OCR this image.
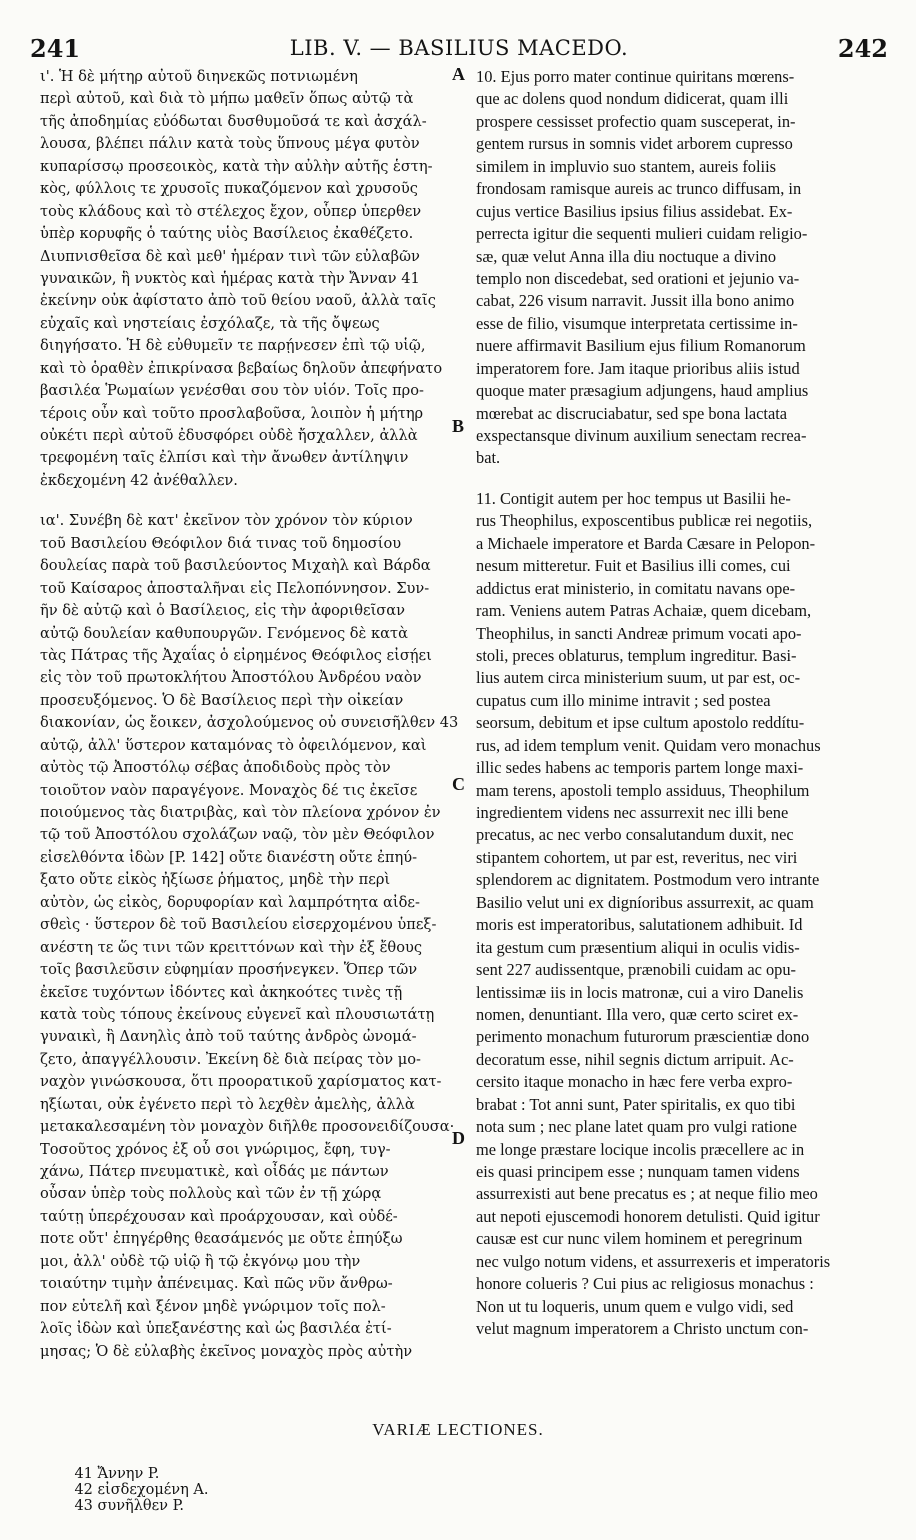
241	LIB. V. — BASILIUS MACEDO.	242
ι'. Ἡ δὲ μήτηρ αὐτοῦ διηνεκῶς ποτνιωμένη
περὶ αὐτοῦ, καὶ διὰ τὸ μήπω μαθεῖν ὅπως αὐτῷ τὰ
τῆς ἀποδημίας εὐόδωται δυσθυμοῦσά τε καὶ ἀσχάλ-
λουσα, βλέπει πάλιν κατὰ τοὺς ὕπνους μέγα φυτὸν
κυπαρίσσῳ προσεοικὸς, κατὰ τὴν αὐλὴν αὐτῆς ἑστη-
κὸς, φύλλοις τε χρυσοῖς πυκαζόμενον καὶ χρυσοῦς
τοὺς κλάδους καὶ τὸ στέλεχος ἔχον, οὗπερ ὑπερθεν
ὑπὲρ κορυφῆς ὁ ταύτης υἱὸς Βασίλειος ἐκαθέζετο.
Διυπνισθεῖσα δὲ καὶ μεθ' ἡμέραν τινὶ τῶν εὐλαβῶν
γυναικῶν, ἣ νυκτὸς καὶ ἡμέρας κατὰ τὴν Ἄνναν 41
ἐκείνην οὐκ ἀφίστατο ἀπὸ τοῦ θείου ναοῦ, ἀλλὰ ταῖς
εὐχαῖς καὶ νηστείαις ἐσχόλαζε, τὰ τῆς ὄψεως
διηγήσατο. Ἡ δὲ εὐθυμεῖν τε παρῄνεσεν ἐπὶ τῷ υἱῷ,
καὶ τὸ ὁραθὲν ἐπικρίνασα βεβαίως δηλοῦν ἀπεφήνατο
βασιλέα Ῥωμαίων γενέσθαι σου τὸν υἱόν. Τοῖς προ-
τέροις οὖν καὶ τοῦτο προσλαβοῦσα, λοιπὸν ἡ μήτηρ
οὐκέτι περὶ αὐτοῦ ἐδυσφόρει οὐδὲ ἤσχαλλεν, ἀλλὰ
τρεφομένη ταῖς ἐλπίσι καὶ τὴν ἄνωθεν ἀντίληψιν
ἐκδεχομένη 42 ἀνέθαλλεν.
ια'. Συνέβη δὲ κατ' ἐκεῖνον τὸν χρόνον τὸν κύριον
τοῦ Βασιλείου Θεόφιλον διά τινας τοῦ δημοσίου
δουλείας παρὰ τοῦ βασιλεύοντος Μιχαὴλ καὶ Βάρδα
τοῦ Καίσαρος ἀποσταλῆναι εἰς Πελοπόννησον. Συν-
ῆν δὲ αὐτῷ καὶ ὁ Βασίλειος, εἰς τὴν ἀφοριθεῖσαν
αὐτῷ δουλείαν καθυπουργῶν. Γενόμενος δὲ κατὰ
τὰς Πάτρας τῆς Ἀχαΐας ὁ εἰρημένος Θεόφιλος εἰσῄει
εἰς τὸν τοῦ πρωτοκλήτου Ἀποστόλου Ἀνδρέου ναὸν
προσευξόμενος. Ὁ δὲ Βασίλειος περὶ τὴν οἰκείαν
διακονίαν, ὡς ἔοικεν, ἀσχολούμενος οὐ συνεισῆλθεν 43
αὐτῷ, ἀλλ' ὕστερον καταμόνας τὸ ὀφειλόμενον, καὶ
αὐτὸς τῷ Ἀποστόλῳ σέβας ἀποδιδοὺς πρὸς τὸν
τοιοῦτον ναὸν παραγέγονε. Μοναχὸς δέ τις ἐκεῖσε
ποιούμενος τὰς διατριβὰς, καὶ τὸν πλείονα χρόνον ἐν
τῷ τοῦ Ἀποστόλου σχολάζων ναῷ, τὸν μὲν Θεόφιλον
εἰσελθόντα ἰδὼν [P. 142] οὔτε διανέστη οὔτε ἐπηύ-
ξατο οὔτε εἰκὸς ἠξίωσε ῥήματος, μηδὲ τὴν περὶ
αὐτὸν, ὡς εἰκὸς, δορυφορίαν καὶ λαμπρότητα αἰδε-
σθεὶς · ὕστερον δὲ τοῦ Βασιλείου εἰσερχομένου ὑπεξ-
ανέστη τε ὥς τινι τῶν κρειττόνων καὶ τὴν ἐξ ἔθους
τοῖς βασιλεῦσιν εὐφημίαν προσήνεγκεν. Ὅπερ τῶν
ἐκεῖσε τυχόντων ἰδόντες καὶ ἀκηκοότες τινὲς τῇ
κατὰ τοὺς τόπους ἐκείνους εὐγενεῖ καὶ πλουσιωτάτῃ
γυναικὶ, ἣ Δανηλὶς ἀπὸ τοῦ ταύτης ἀνδρὸς ὠνομά-
ζετο, ἀπαγγέλλουσιν. Ἐκείνη δὲ διὰ πείρας τὸν μο-
ναχὸν γινώσκουσα, ὅτι προορατικοῦ χαρίσματος κατ-
ηξίωται, οὐκ ἐγένετο περὶ τὸ λεχθὲν ἀμελὴς, ἀλλὰ
μετακαλεσαμένη τὸν μοναχὸν διῆλθε προσονειδίζουσα·
Τοσοῦτος χρόνος ἐξ οὗ σοι γνώριμος, ἔφη, τυγ-
χάνω, Πάτερ πνευματικὲ, καὶ οἶδάς με πάντων
οὖσαν ὑπὲρ τοὺς πολλοὺς καὶ τῶν ἐν τῇ χώρᾳ
ταύτῃ ὑπερέχουσαν καὶ προάρχουσαν, καὶ οὐδέ-
ποτε οὔτ' ἐπηγέρθης θεασάμενός με οὔτε ἐπηύξω
μοι, ἀλλ' οὐδὲ τῷ υἱῷ ἢ τῷ ἐκγόνῳ μου τὴν
τοιαύτην τιμὴν ἀπένειμας. Καὶ πῶς νῦν ἄνθρω-
πον εὐτελῆ καὶ ξένον μηδὲ γνώριμον τοῖς πολ-
λοῖς ἰδὼν καὶ ὑπεξανέστης καὶ ὡς βασιλέα ἐτί-
μησας; Ὁ δὲ εὐλαβὴς ἐκεῖνος μοναχὸς πρὸς αὐτὴν
10. Ejus porro mater continue quiritans mœrens-
que ac dolens quod nondum didicerat, quam illi
prospere cessisset profectio quam susceperat, in-
gentem rursus in somnis videt arborem cupresso
similem in impluvio suo stantem, aureis foliis
frondosam ramisque aureis ac trunco diffusam, in
cujus vertice Basilius ipsius filius assidebat. Ex-
perrecta igitur die sequenti mulieri cuidam religio-
sæ, quæ velut Anna illa diu noctuque a divino
templo non discedebat, sed orationi et jejunio va-
cabat, 226 visum narravit. Jussit illa bono animo
esse de filio, visumque interpretata certissime in-
nuere affirmavit Basilium ejus filium Romanorum
imperatorem fore. Jam itaque prioribus aliis istud
quoque mater præsagium adjungens, haud amplius
mœrebat ac discruciabatur, sed spe bona lactata
exspectansque divinum auxilium senectam recrea-
bat.
11. Contigit autem per hoc tempus ut Basilii he-
rus Theophilus, exposcentibus publicæ rei negotiis,
a Michaele imperatore et Barda Cæsare in Pelopon-
nesum mitteretur. Fuit et Basilius illi comes, cui
addictus erat ministerio, in comitatu navans ope-
ram. Veniens autem Patras Achaiæ, quem dicebam,
Theophilus, in sancti Andreæ primum vocati apo-
stoli, preces oblaturus, templum ingreditur. Basi-
lius autem circa ministerium suum, ut par est, oc-
cupatus cum illo minime intravit ; sed postea
seorsum, debitum et ipse cultum apostolo reddítu-
rus, ad idem templum venit. Quidam vero monachus
illic sedes habens ac temporis partem longe maxi-
mam terens, apostoli templo assiduus, Theophilum
ingredientem videns nec assurrexit nec illi bene
precatus, ac nec verbo consalutandum duxit, nec
stipantem cohortem, ut par est, reveritus, nec viri
splendorem ac dignitatem. Postmodum vero intrante
Basilio velut uni ex digníoribus assurrexit, ac quam
moris est imperatoribus, salutationem adhibuit. Id
ita gestum cum præsentium aliqui in oculis vidis-
sent 227 audissentque, prænobili cuidam ac opu-
lentissimæ iis in locis matronæ, cui a viro Danelis
nomen, denuntiant. Illa vero, quæ certo sciret ex-
perimento monachum futurorum præscientiæ dono
decoratum esse, nihil segnis dictum arripuit. Ac-
cersito itaque monacho in hæc fere verba expro-
brabat : Tot anni sunt, Pater spiritalis, ex quo tibi
nota sum ; nec plane latet quam pro vulgi ratione
me longe præstare locique incolis præcellere ac in
eis quasi principem esse ; nunquam tamen videns
assurrexisti aut bene precatus es ; at neque filio meo
aut nepoti ejuscemodi honorem detulisti. Quid igitur
causæ est cur nunc vilem hominem et peregrinum
nec vulgo notum videns, et assurrexeris et imperatoris
honore colueris ? Cui pius ac religiosus monachus :
Non ut tu loqueris, unum quem e vulgo vidi, sed
velut magnum imperatorem a Christo unctum con-
A
B
C
D
VARIÆ LECTIONES.

41 Ἄννην P.
42 εἰσδεχομένη A.
43 συνῆλθεν P.
